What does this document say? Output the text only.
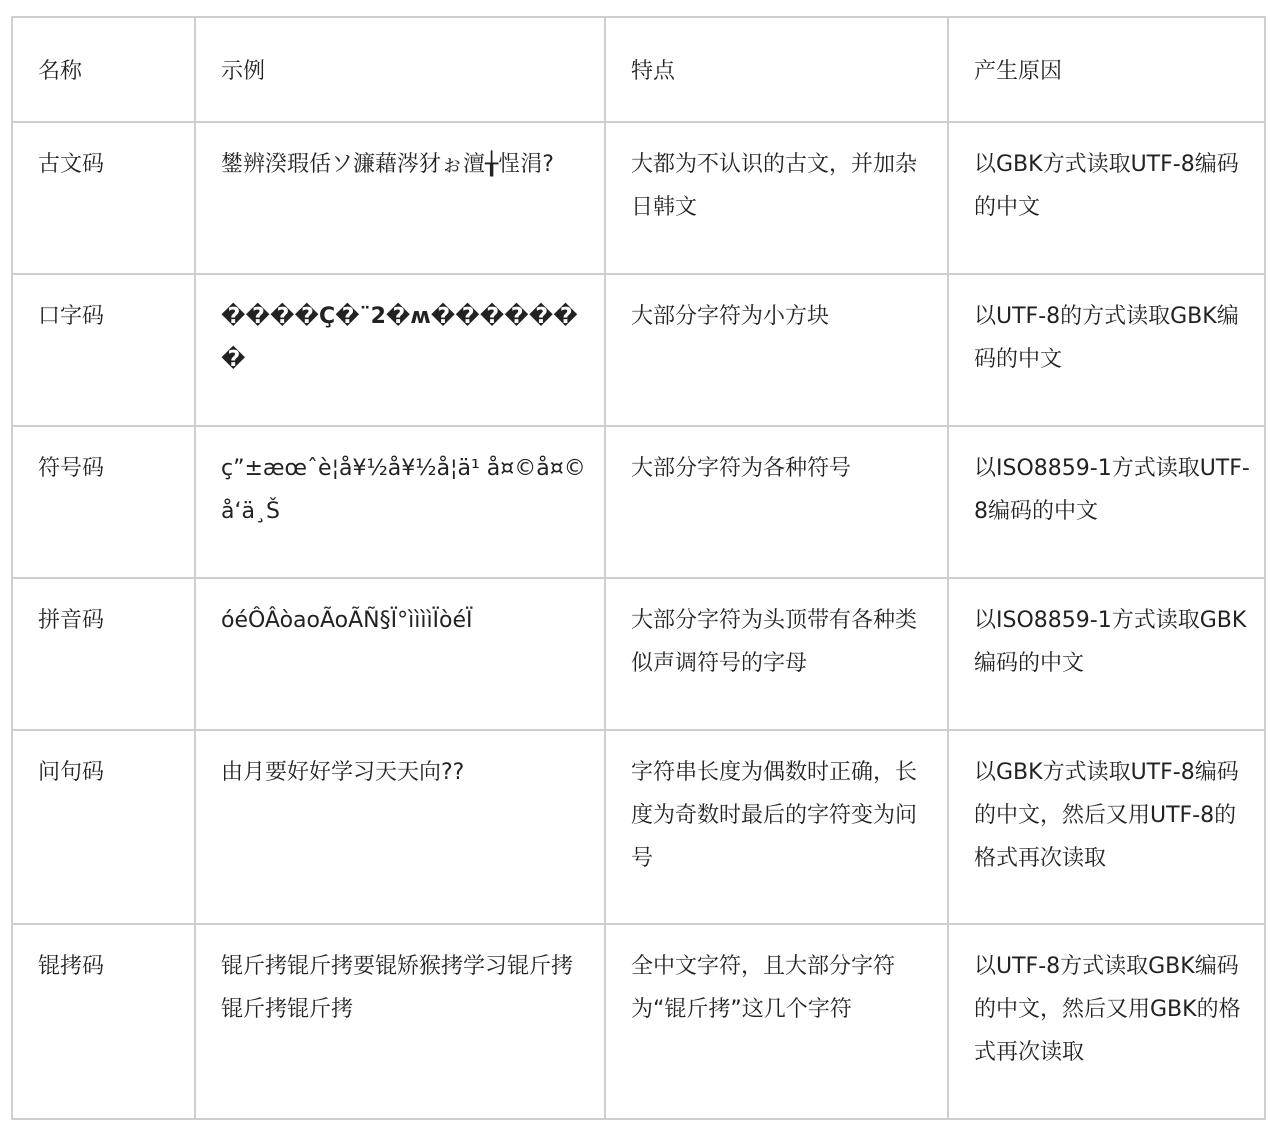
名称	示例	特点	产生原因
古文码	鐢辨湀瑕佸ソ濂藉涔犲ぉ澶╁悜涓?	大都为不认识的古文，并加杂日韩文	以GBK方式读取UTF-8编码的中文
口字码	����Ç�¨2�ʍ�������	大部分字符为小方块	以UTF-8的方式读取GBK编码的中文
符号码	ç”±æœˆè¦å¥½å¥½å¦ä¹ å¤©å¤©å‘ä¸Š	大部分字符为各种符号	以ISO8859-1方式读取UTF-8编码的中文
拼音码	óéÔÂòaoÃoÃÑ§Ï°ììììÏòéÏ	大部分字符为头顶带有各种类似声调符号的字母	以ISO8859-1方式读取GBK编码的中文
问句码	由月要好好学习天天向??	字符串长度为偶数时正确，长度为奇数时最后的字符变为问号	以GBK方式读取UTF-8编码的中文，然后又用UTF-8的格式再次读取
锟拷码	锟斤拷锟斤拷要锟矫猴拷学习锟斤拷锟斤拷锟斤拷	全中文字符，且大部分字符为“锟斤拷”这几个字符	以UTF-8方式读取GBK编码的中文，然后又用GBK的格式再次读取
